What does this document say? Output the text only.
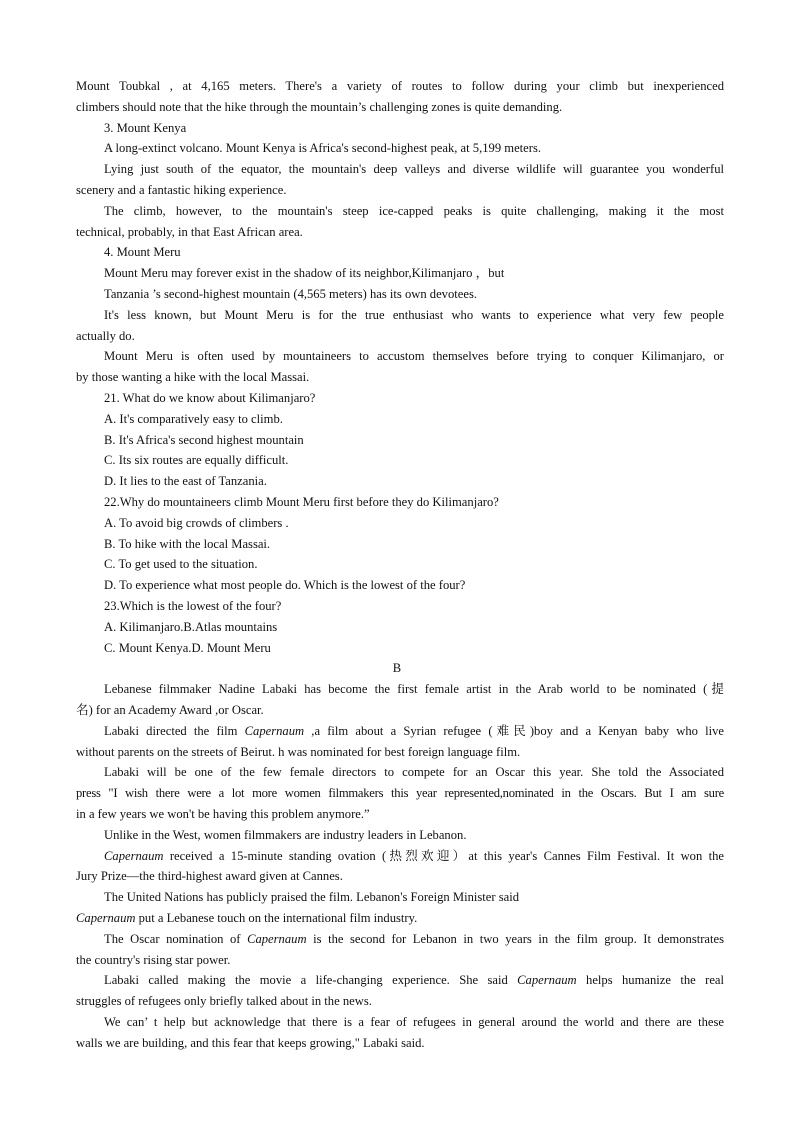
Mount Toubkal , at 4,165 meters. There's a variety of routes to follow during your climb but inexperienced
climbers should note that the hike through the mountain’s challenging zones is quite demanding.
3. Mount Kenya
A long-extinct volcano. Mount Kenya is Africa's second-highest peak, at 5,199 meters.
Lying just south of the equator, the mountain's deep valleys and diverse wildlife will guarantee you wonderful
scenery and a fantastic hiking experience.
The climb, however, to the mountain's steep ice-capped peaks is quite challenging, making it the most
technical, probably, in that East African area.
4. Mount Meru
Mount Meru may forever exist in the shadow of its neighbor,Kilimanjaro ，but
Tanzania ’s second-highest mountain (4,565 meters) has its own devotees.
It's less known, but Mount Meru is for the true enthusiast who wants to experience what very few people
actually do.
Mount Meru is often used by mountaineers to accustom themselves before trying to conquer Kilimanjaro, or
by those wanting a hike with the local Massai.
21. What do we know about Kilimanjaro?
A. It's comparatively easy to climb.
B. It's Africa's second highest mountain
C. Its six routes are equally difficult.
D. It lies to the east of Tanzania.
22.Why do mountaineers climb Mount Meru first before they do Kilimanjaro?
A. To avoid big crowds of climbers .
B. To hike with the local Massai.
C. To get used to the situation.
D. To experience what most people do. Which is the lowest of the four?
23.Which is the lowest of the four?
A. Kilimanjaro.B.Atlas mountains
C. Mount Kenya.D. Mount Meru
B
Lebanese filmmaker Nadine Labaki has become the first female artist in the Arab world to be nominated (提
名) for an Academy Award ,or Oscar.
Labaki directed the film Capernaum ,a film about a Syrian refugee (难民)boy and a Kenyan baby who live
without parents on the streets of Beirut. h was nominated for best foreign language film.
Labaki will be one of the few female directors to compete for an Oscar this year. She told the Associated
press "I wish there were a lot more women filmmakers this year represented,nominated in the Oscars. But I am sure
in a few years we won't be having this problem anymore.”
Unlike in the West, women filmmakers are industry leaders in Lebanon.
Capernaum received a 15-minute standing ovation (热烈欢迎）at this year's Cannes Film Festival. It won the
Jury Prize—the third-highest award given at Cannes.
The United Nations has publicly praised the film. Lebanon's Foreign Minister said
Capernaum put a Lebanese touch on the international film industry.
The Oscar nomination of Capernaum is the second for Lebanon in two years in the film group. It demonstrates
the country's rising star power.
Labaki called making the movie a life-changing experience. She said Capernaum helps humanize the real
struggles of refugees only briefly talked about in the news.
We can’ t help but acknowledge that there is a fear of refugees in general around the world and there are these
walls we are building, and this fear that keeps growing," Labaki said.
